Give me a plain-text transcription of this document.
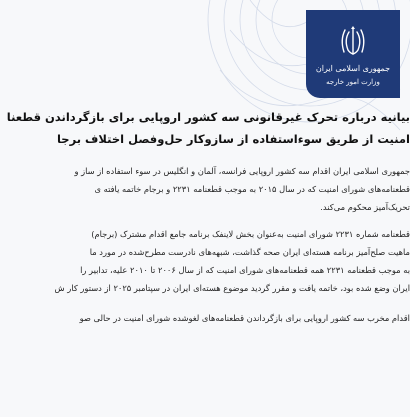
جمهوری اسلامی ایران
وزارت امور خارجه
بیانیه درباره تحرک غیرقانونی سه کشور اروپایی برای بازگرداندن قطعنا
امنیت از طریق سوءاستفاده از سازوکار حل‌وفصل اختلاف برجا
جمهوری اسلامی ایران اقدام سه کشور اروپایی فرانسه، آلمان و انگلیس در سوء استفاده از ساز و
قطعنامه‌های شورای امنیت که در سال ۲۰۱۵ به موجب قطعنامه ۲۲۳۱ و برجام خاتمه یافته ی
تحریک‌آمیز محکوم می‌کند.
قطعنامه شماره ۲۲۳۱ شورای امنیت به‌عنوان بخش لاینفک برنامه جامع اقدام مشترک (برجام)
ماهیت صلح‌آمیز برنامه هسته‌ای ایران صحه گذاشت، شبهه‌های نادرست مطرح‌شده در مورد ما
به موجب قطعنامه ۲۲۳۱ همه قطعنامه‌های شورای امنیت که از سال ۲۰۰۶ تا ۲۰۱۰ علیه، تدابیر را
ایران وضع شده بود، خاتمه یافت و مقرر گردید موضوع هسته‌ای ایران در سپتامبر ۲۰۲۵ از دستور کار ش
اقدام مخرب سه کشور اروپایی برای بازگرداندن قطعنامه‌های لغوشده شورای امنیت در حالی صو
